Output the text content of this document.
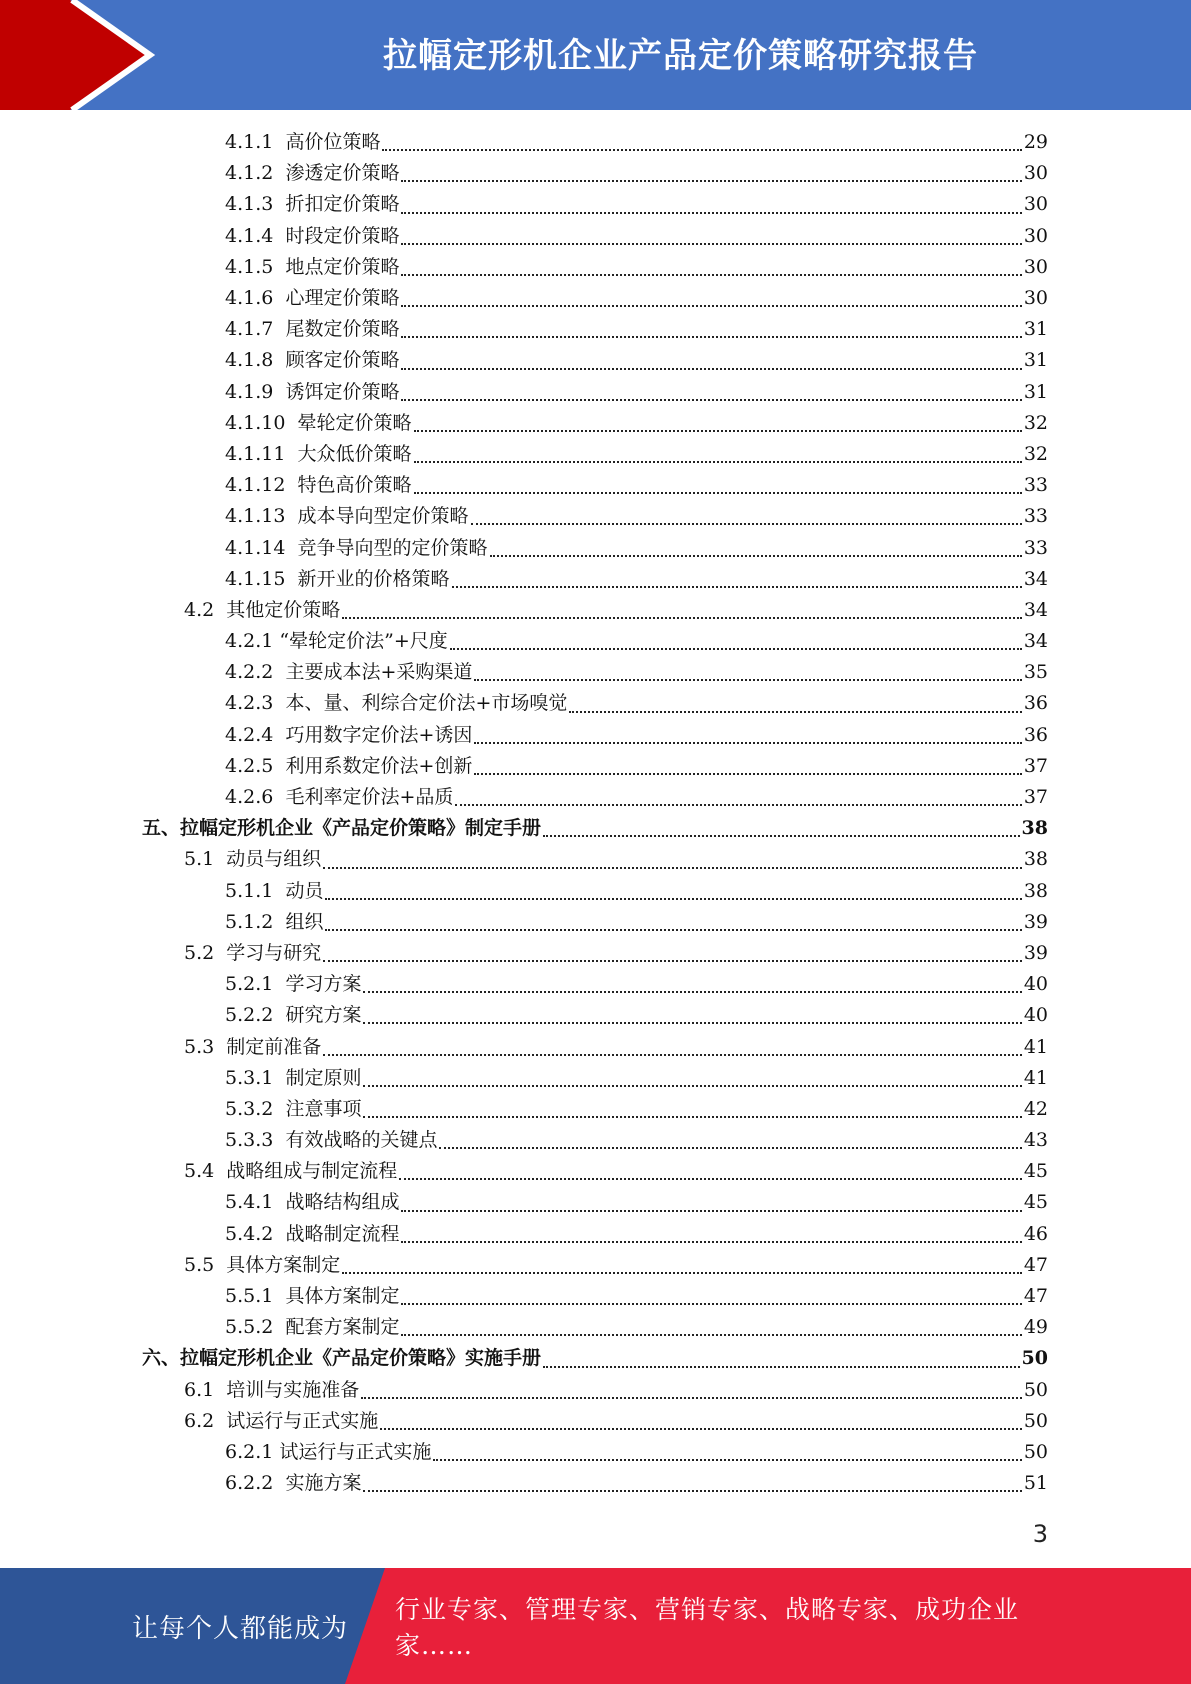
拉幅定形机企业产品定价策略研究报告
4.1.1 高价位策略	29
4.1.2 渗透定价策略	30
4.1.3 折扣定价策略	30
4.1.4 时段定价策略	30
4.1.5 地点定价策略	30
4.1.6 心理定价策略	30
4.1.7 尾数定价策略	31
4.1.8 顾客定价策略	31
4.1.9 诱饵定价策略	31
4.1.10 晕轮定价策略	32
4.1.11 大众低价策略	32
4.1.12 特色高价策略	33
4.1.13 成本导向型定价策略	33
4.1.14 竞争导向型的定价策略	33
4.1.15 新开业的价格策略	34
4.2 其他定价策略	34
4.2.1 “晕轮定价法”+尺度	34
4.2.2 主要成本法+采购渠道	35
4.2.3 本、量、利综合定价法+市场嗅觉	36
4.2.4 巧用数字定价法+诱因	36
4.2.5 利用系数定价法+创新	37
4.2.6 毛利率定价法+品质	37
五、 拉幅定形机企业《产品定价策略》制定手册	38
5.1 动员与组织	38
5.1.1 动员	38
5.1.2 组织	39
5.2 学习与研究	39
5.2.1 学习方案	40
5.2.2 研究方案	40
5.3 制定前准备	41
5.3.1 制定原则	41
5.3.2 注意事项	42
5.3.3 有效战略的关键点	43
5.4 战略组成与制定流程	45
5.4.1 战略结构组成	45
5.4.2 战略制定流程	46
5.5 具体方案制定	47
5.5.1 具体方案制定	47
5.5.2 配套方案制定	49
六、 拉幅定形机企业《产品定价策略》实施手册	50
6.1 培训与实施准备	50
6.2 试运行与正式实施	50
6.2.1 试运行与正式实施	50
6.2.2 实施方案	51
3
让每个人都能成为
行业专家、管理专家、营销专家、战略专家、成功企业家……
